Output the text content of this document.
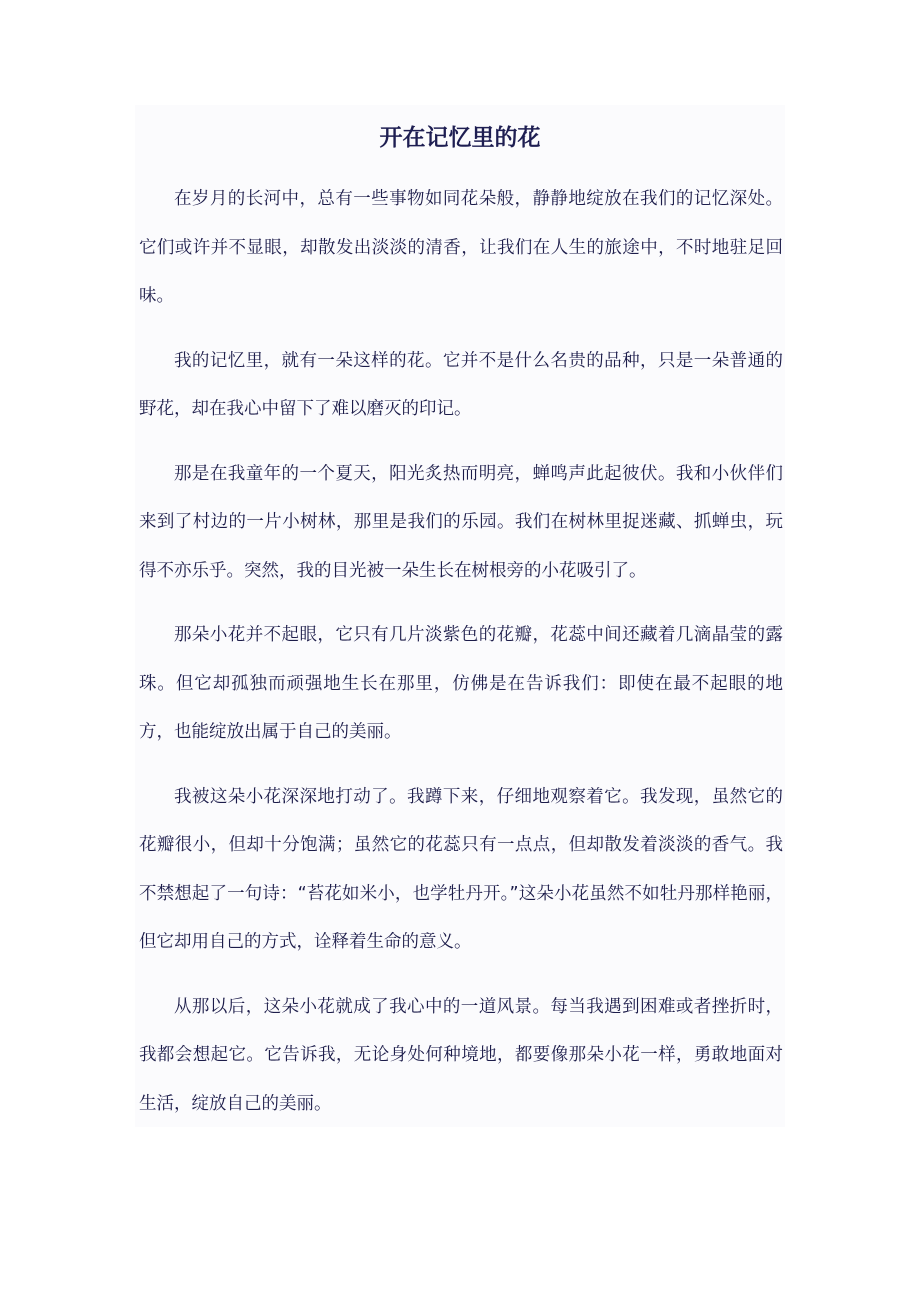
开在记忆里的花

在岁月的长河中，总有一些事物如同花朵般，静静地绽放在我们的记忆深处。它们或许并不显眼，却散发出淡淡的清香，让我们在人生的旅途中，不时地驻足回味。

我的记忆里，就有一朵这样的花。它并不是什么名贵的品种，只是一朵普通的野花，却在我心中留下了难以磨灭的印记。

那是在我童年的一个夏天，阳光炙热而明亮，蝉鸣声此起彼伏。我和小伙伴们来到了村边的一片小树林，那里是我们的乐园。我们在树林里捉迷藏、抓蝉虫，玩得不亦乐乎。突然，我的目光被一朵生长在树根旁的小花吸引了。

那朵小花并不起眼，它只有几片淡紫色的花瓣，花蕊中间还藏着几滴晶莹的露珠。但它却孤独而顽强地生长在那里，仿佛是在告诉我们：即使在最不起眼的地方，也能绽放出属于自己的美丽。

我被这朵小花深深地打动了。我蹲下来，仔细地观察着它。我发现，虽然它的花瓣很小，但却十分饱满；虽然它的花蕊只有一点点，但却散发着淡淡的香气。我不禁想起了一句诗：“苔花如米小，也学牡丹开。”这朵小花虽然不如牡丹那样艳丽，但它却用自己的方式，诠释着生命的意义。

从那以后，这朵小花就成了我心中的一道风景。每当我遇到困难或者挫折时，我都会想起它。它告诉我，无论身处何种境地，都要像那朵小花一样，勇敢地面对生活，绽放自己的美丽。
